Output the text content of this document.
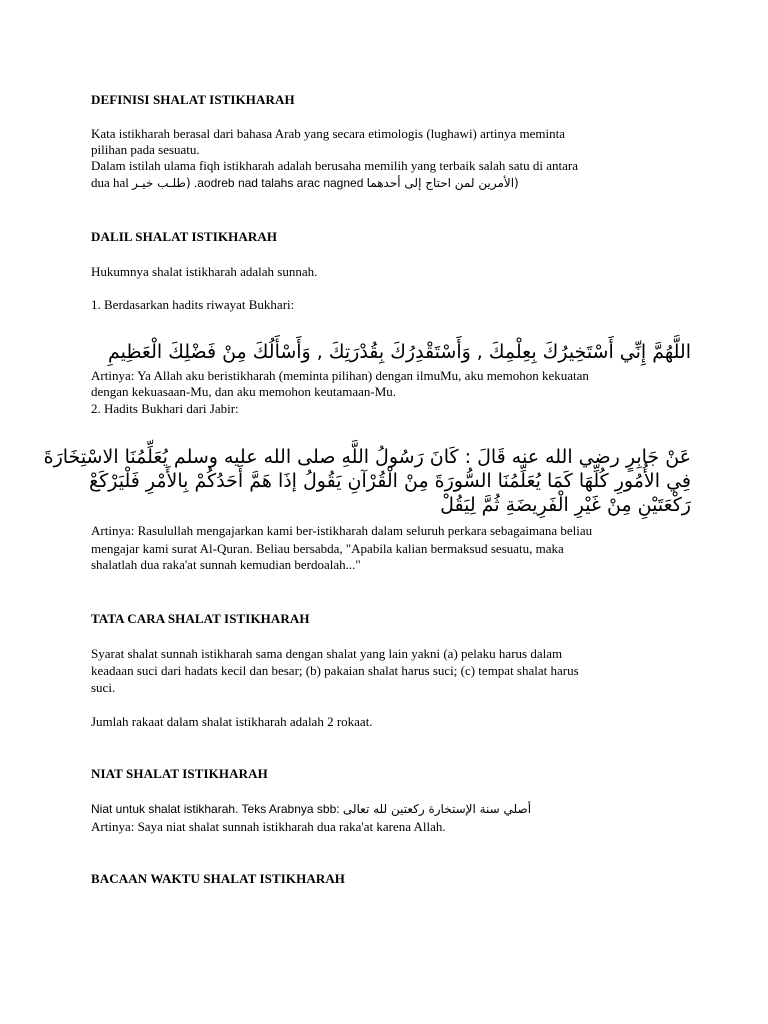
DEFINISI SHALAT ISTIKHARAH
Kata istikharah berasal dari bahasa Arab yang secara etimologis (lughawi) artinya meminta
pilihan pada sesuatu.
Dalam istilah ulama fiqh istikharah adalah berusaha memilih yang terbaik salah satu di antara
dua hal (طلـب خيـر .aodreb nad talahs arac nagned (الأمرين لمن احتاج إلى أحدهما
DALIL SHALAT ISTIKHARAH
Hukumnya shalat istikharah adalah sunnah.
1. Berdasarkan hadits riwayat Bukhari:
اللَّهُمَّ إِنِّي أَسْتَخِيرُكَ بِعِلْمِكَ , وَأَسْتَقْدِرُكَ بِقُدْرَتِكَ , وَأَسْأَلُكَ مِنْ فَضْلِكَ الْعَظِيمِ
Artinya: Ya Allah aku beristikharah (meminta pilihan) dengan ilmuMu, aku memohon kekuatan
dengan kekuasaan-Mu, dan aku memohon keutamaan-Mu.
2. Hadits Bukhari dari Jabir:
عَنْ جَابِرٍ رضي الله عنه قَالَ : كَانَ رَسُولُ اللَّهِ صلى الله عليه وسلم يُعَلِّمُنَا الاسْتِخَارَةَ
فِي الأُمُورِ كُلِّهَا كَمَا يُعَلِّمُنَا السُّورَةَ مِنْ الْقُرْآنِ يَقُولُ إذَا هَمَّ أَحَدُكُمْ بِالأَمْرِ فَلْيَرْكَعْ
رَكْعَتَيْنِ مِنْ غَيْرِ الْفَرِيضَةِ ثُمَّ لِيَقُلْ
Artinya: Rasulullah mengajarkan kami ber-istikharah dalam seluruh perkara sebagaimana beliau
mengajar kami surat Al-Quran. Beliau bersabda, "Apabila kalian bermaksud sesuatu, maka
shalatlah dua raka'at sunnah kemudian berdoalah..."
TATA CARA SHALAT ISTIKHARAH
Syarat shalat sunnah istikharah sama dengan shalat yang lain yakni (a) pelaku harus dalam
keadaan suci dari hadats kecil dan besar; (b) pakaian shalat harus suci; (c) tempat shalat harus
suci.
Jumlah rakaat dalam shalat istikharah adalah 2 rokaat.
NIAT SHALAT ISTIKHARAH
Niat untuk shalat istikharah. Teks Arabnya sbb: أصلي سنة الإستخارة ركعتين لله تعالى
Artinya: Saya niat shalat sunnah istikharah dua raka'at karena Allah.
BACAAN WAKTU SHALAT ISTIKHARAH
